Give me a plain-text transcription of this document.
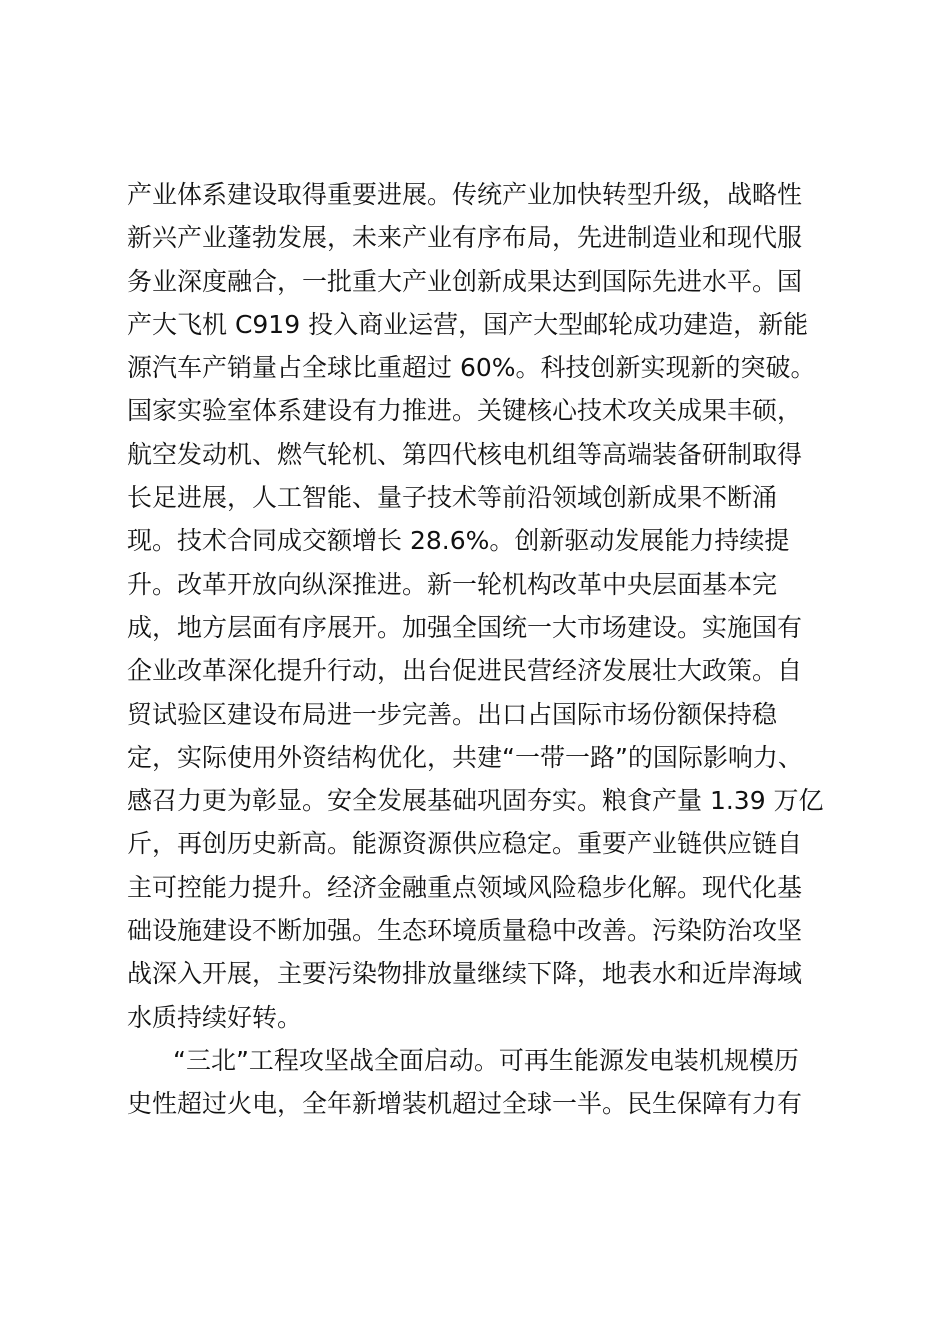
产业体系建设取得重要进展。传统产业加快转型升级，战略性
新兴产业蓬勃发展，未来产业有序布局，先进制造业和现代服
务业深度融合，一批重大产业创新成果达到国际先进水平。国
产大飞机 C919 投入商业运营，国产大型邮轮成功建造，新能
源汽车产销量占全球比重超过 60%。科技创新实现新的突破。
国家实验室体系建设有力推进。关键核心技术攻关成果丰硕，
航空发动机、燃气轮机、第四代核电机组等高端装备研制取得
长足进展，人工智能、量子技术等前沿领域创新成果不断涌
现。技术合同成交额增长 28.6%。创新驱动发展能力持续提
升。改革开放向纵深推进。新一轮机构改革中央层面基本完
成，地方层面有序展开。加强全国统一大市场建设。实施国有
企业改革深化提升行动，出台促进民营经济发展壮大政策。自
贸试验区建设布局进一步完善。出口占国际市场份额保持稳
定，实际使用外资结构优化，共建“一带一路”的国际影响力、
感召力更为彰显。安全发展基础巩固夯实。粮食产量 1.39 万亿
斤，再创历史新高。能源资源供应稳定。重要产业链供应链自
主可控能力提升。经济金融重点领域风险稳步化解。现代化基
础设施建设不断加强。生态环境质量稳中改善。污染防治攻坚
战深入开展，主要污染物排放量继续下降，地表水和近岸海域
水质持续好转。
“三北”工程攻坚战全面启动。可再生能源发电装机规模历
史性超过火电，全年新增装机超过全球一半。民生保障有力有
